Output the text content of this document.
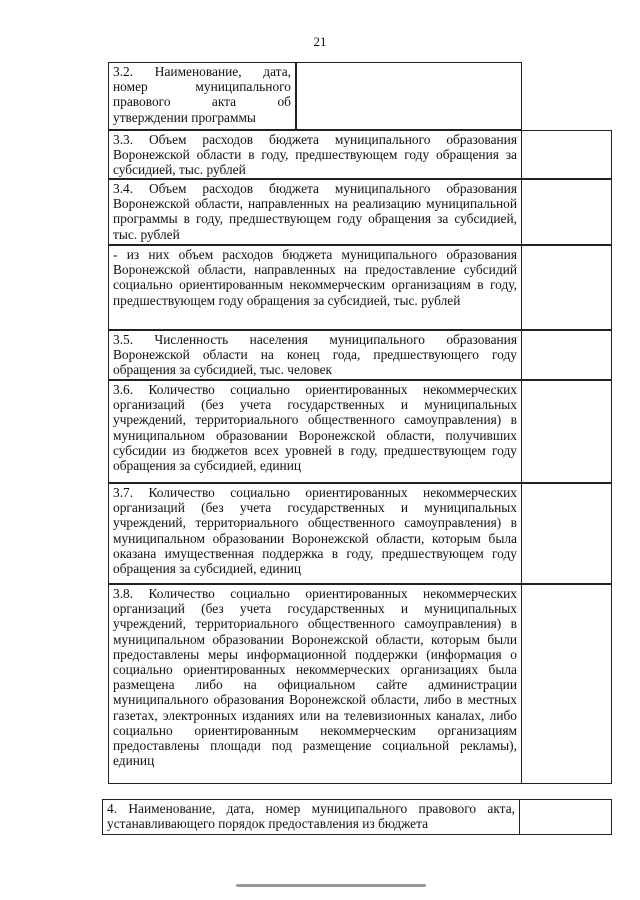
21
3.2. Наименование, дата, номер муниципального правового акта об утверждении программы
3.3. Объем расходов бюджета муниципального образования Воронежской области в году, предшествующем году обращения за субсидией, тыс. рублей
3.4. Объем расходов бюджета муниципального образования Воронежской области, направленных на реализацию муниципальной программы в году, предшествующем году обращения за субсидией, тыс. рублей
- из них объем расходов бюджета муниципального образования Воронежской области, направленных на предоставление субсидий социально ориентированным некоммерческим организациям в году, предшествующем году обращения за субсидией, тыс. рублей
3.5. Численность населения муниципального образования Воронежской области на конец года, предшествующего году обращения за субсидией, тыс. человек
3.6. Количество социально ориентированных некоммерческих организаций (без учета государственных и муниципальных учреждений, территориального общественного самоуправления) в муниципальном образовании Воронежской области, получивших субсидии из бюджетов всех уровней в году, предшествующем году обращения за субсидией, единиц
3.7. Количество социально ориентированных некоммерческих организаций (без учета государственных и муниципальных учреждений, территориального общественного самоуправления) в муниципальном образовании Воронежской области, которым была оказана имущественная поддержка в году, предшествующем году обращения за субсидией, единиц
3.8. Количество социально ориентированных некоммерческих организаций (без учета государственных и муниципальных учреждений, территориального общественного самоуправления) в муниципальном образовании Воронежской области, которым были предоставлены меры информационной поддержки (информация о социально ориентированных некоммерческих организациях была размещена либо на официальном сайте администрации муниципального образования Воронежской области, либо в местных газетах, электронных изданиях или на телевизионных каналах, либо социально ориентированным некоммерческим организациям предоставлены площади под размещение социальной рекламы), единиц
4. Наименование, дата, номер муниципального правового акта, устанавливающего порядок предоставления из бюджета
